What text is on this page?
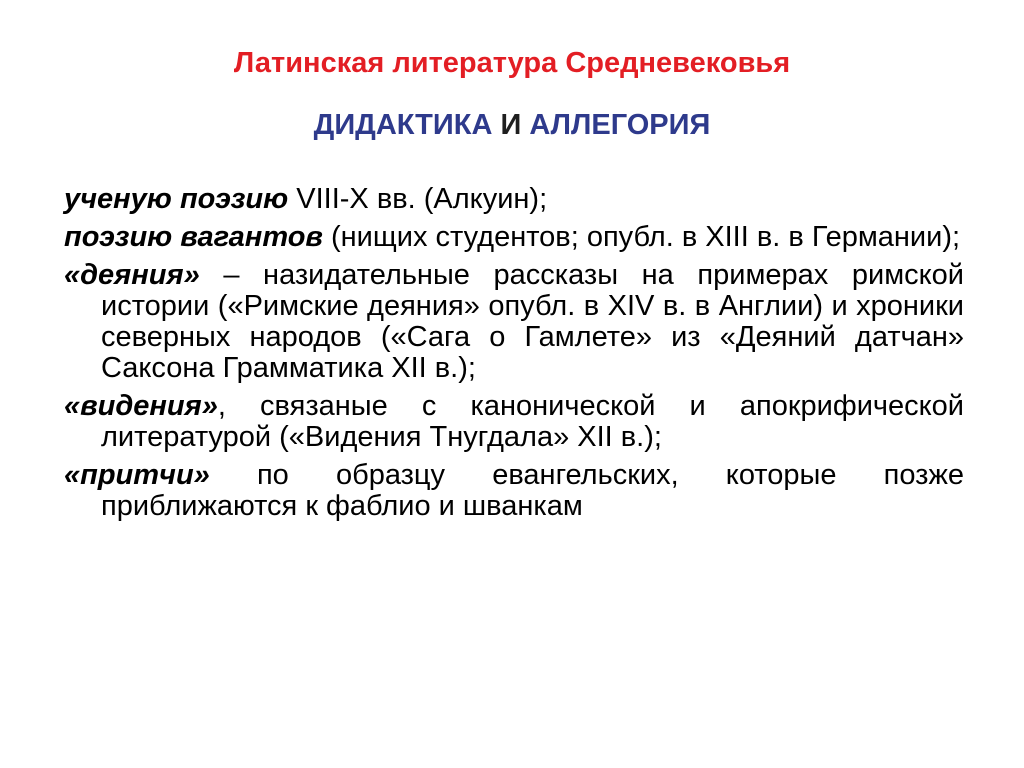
Латинская литература Средневековья
ДИДАКТИКА И АЛЛЕГОРИЯ

ученую поэзию VIII-X вв. (Алкуин);

поэзию вагантов (нищих студентов; опубл. в XIII в. в Германии);

«деяния» – назидательные рассказы на примерах римской истории («Римские деяния» опубл. в XIV в. в Англии) и хроники северных народов («Сага о Гамлете» из «Деяний датчан» Саксона Грамматика XII в.);

«видения», связаные с канонической и апокрифической литературой («Видения Тнугдала» XII в.);

«притчи» по образцу евангельских, которые позже приближаются к фаблио и шванкам
